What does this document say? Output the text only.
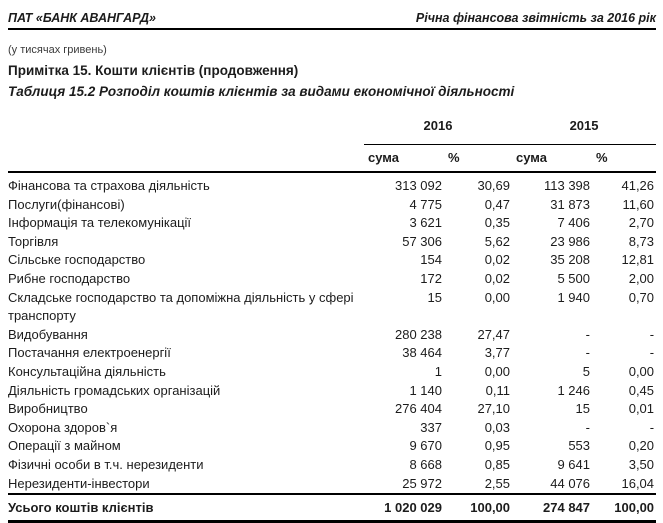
ПАТ «БАНК АВАНГАРД»	Річна фінансова звітність за 2016 рік
(у тисячах гривень)
Примітка 15. Кошти клієнтів (продовження)
Таблиця 15.2 Розподіл коштів клієнтів за видами економічної діяльності
	2016		2015	
	сума	%	сума	%
Фінансова та страхова діяльність	313 092	30,69	113 398	41,26
Послуги(фінансові)	4 775	0,47	31 873	11,60
Інформація та телекомунікації	3 621	0,35	7 406	2,70
Торгівля	57 306	5,62	23 986	8,73
Сільське господарство	154	0,02	35 208	12,81
Рибне господарство	172	0,02	5 500	2,00
Складське господарство та допоміжна діяльність у сфері транспорту	15	0,00	1 940	0,70
Видобування	280 238	27,47	-	-
Постачання електроенергії	38 464	3,77	-	-
Консультаційна діяльність	1	0,00	5	0,00
Діяльність громадських організацій	1 140	0,11	1 246	0,45
Виробництво	276 404	27,10	15	0,01
Охорона здоров`я	337	0,03	-	-
Операції з майном	9 670	0,95	553	0,20
Фізичні особи в т.ч. нерезиденти	8 668	0,85	9 641	3,50
Нерезиденти-інвестори	25 972	2,55	44 076	16,04
Усього коштів клієнтів	1 020 029	100,00	274 847	100,00
